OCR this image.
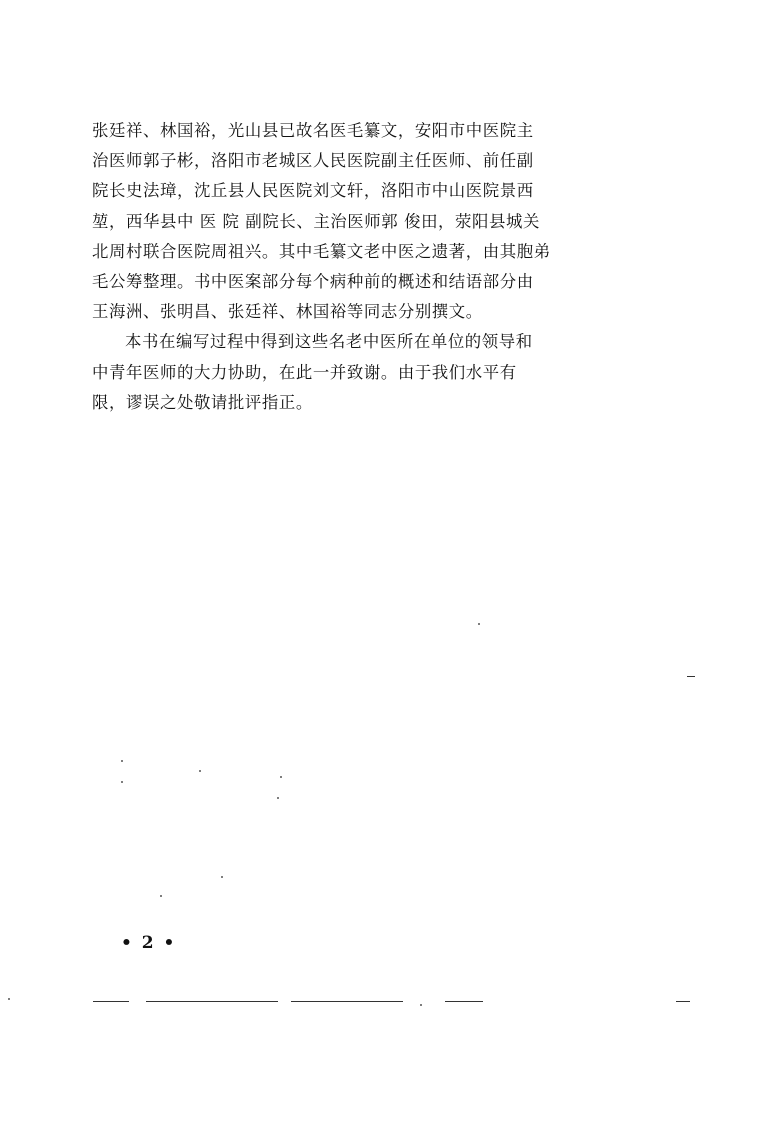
张廷祥、林国裕，光山县已故名医毛纂文，安阳市中医院主
治医师郭子彬，洛阳市老城区人民医院副主任医师、前任副
院长史法璋，沈丘县人民医院刘文轩，洛阳市中山医院景西
堃，西华县中 医 院 副院长、主治医师郭 俊田，荥阳县城关
北周村联合医院周祖兴。其中毛纂文老中医之遗著，由其胞弟
毛公筹整理。书中医案部分每个病种前的概述和结语部分由
王海洲、张明昌、张廷祥、林国裕等同志分别撰文。
本书在编写过程中得到这些名老中医所在单位的领导和
中青年医师的大力协助，在此一并致谢。由于我们水平有
限，谬误之处敬请批评指正。
• 2 •
